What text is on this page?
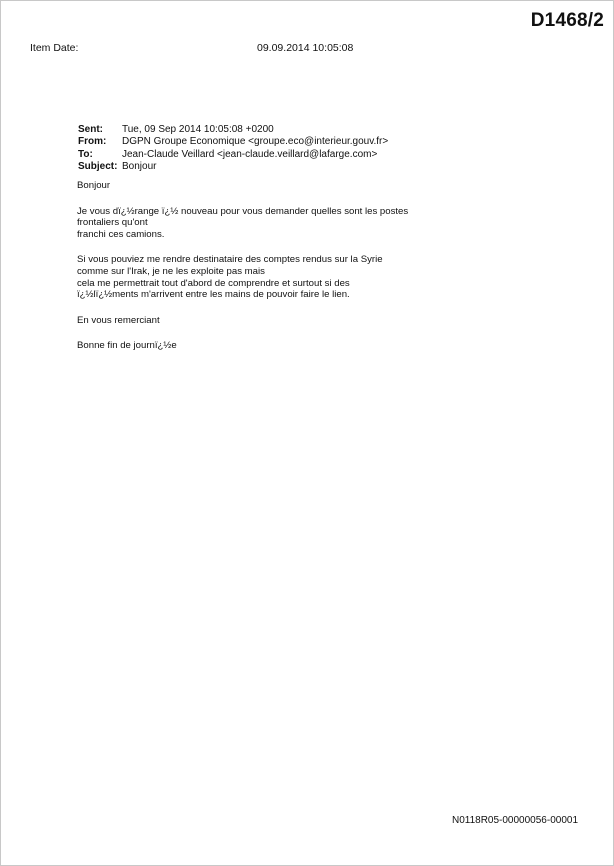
D1468/2
Item Date:	09.09.2014 10:05:08
Sent:	Tue, 09 Sep 2014 10:05:08 +0200
From:	DGPN Groupe Economique <groupe.eco@interieur.gouv.fr>
To:	Jean-Claude Veillard <jean-claude.veillard@lafarge.com>
Subject: Bonjour

Bonjour

Je vous dï¿½range ï¿½ nouveau pour vous demander quelles sont les postes
frontaliers qu'ont
franchi ces camions.

Si vous pouviez me rendre destinataire des comptes rendus sur la Syrie
comme sur l'Irak, je ne les exploite pas mais
cela me permettrait tout d'abord de comprendre et surtout si des
ï¿½lï¿½ments m'arrivent entre les mains de pouvoir faire le lien.

En vous remerciant

Bonne fin de journï¿½e

N0118R05-00000056-00001
